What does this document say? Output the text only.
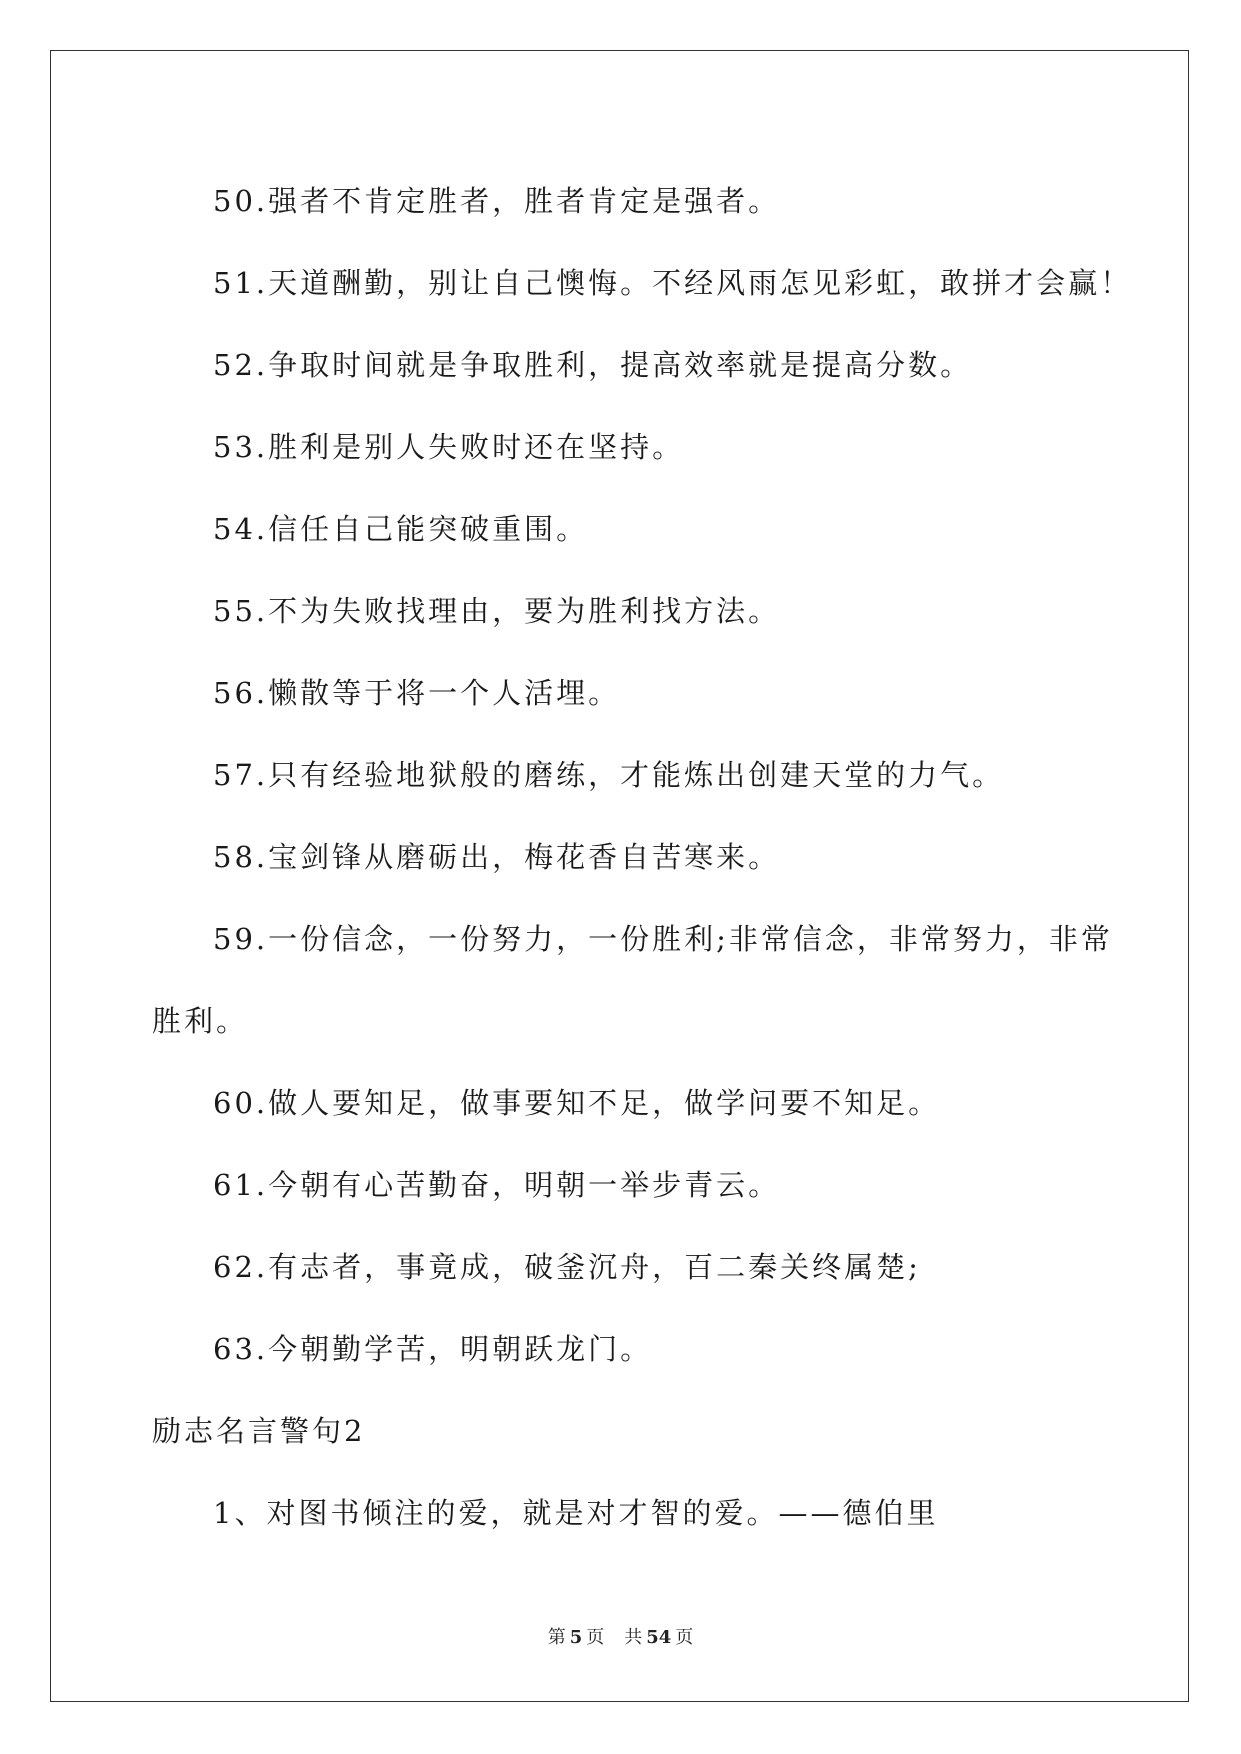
50.强者不肯定胜者，胜者肯定是强者。
51.天道酬勤，别让自己懊悔。不经风雨怎见彩虹，敢拼才会赢！
52.争取时间就是争取胜利，提高效率就是提高分数。
53.胜利是别人失败时还在坚持。
54.信任自己能突破重围。
55.不为失败找理由，要为胜利找方法。
56.懒散等于将一个人活埋。
57.只有经验地狱般的磨练，才能炼出创建天堂的力气。
58.宝剑锋从磨砺出，梅花香自苦寒来。
59.一份信念，一份努力，一份胜利;非常信念，非常努力，非常
胜利。
60.做人要知足，做事要知不足，做学问要不知足。
61.今朝有心苦勤奋，明朝一举步青云。
62.有志者，事竟成，破釜沉舟，百二秦关终属楚;
63.今朝勤学苦，明朝跃龙门。
励志名言警句2
1、对图书倾注的爱，就是对才智的爱。——德伯里
第 5 页 共 54 页
